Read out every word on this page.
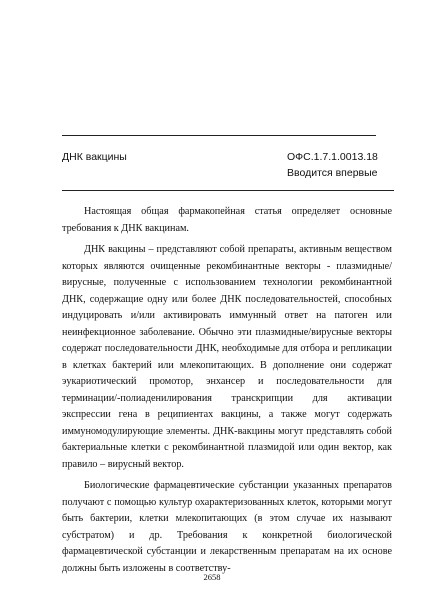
ДНК вакцины	ОФС.1.7.1.0013.18
Вводится впервые

Настоящая общая фармакопейная статья определяет основные требования к ДНК вакцинам.

ДНК вакцины – представляют собой препараты, активным веществом которых являются очищенные рекомбинантные векторы - плазмидные/вирусные, полученные с использованием технологии рекомбинантной ДНК, содержащие одну или более ДНК последовательностей, способных индуцировать и/или активировать иммунный ответ на патоген или неинфекционное заболевание. Обычно эти плазмидные/вирусные векторы содержат последовательности ДНК, необходимые для отбора и репликации в клетках бактерий или млекопитающих. В дополнение они содержат эукариотический промотор, энхансер и последовательности для терминации/-полиаденилирования транскрипции для активации экспрессии гена в реципиентах вакцины, а также могут содержать иммуномодулирующие элементы. ДНК-вакцины могут представлять собой бактериальные клетки с рекомбинантной плазмидой или один вектор, как правило – вирусный вектор.

Биологические фармацевтические субстанции указанных препаратов получают с помощью культур охарактеризованных клеток, которыми могут быть бактерии, клетки млекопитающих (в этом случае их называют субстратом) и др. Требования к конкретной биологической фармацевтической субстанции и лекарственным препаратам на их основе должны быть изложены в соответству-

2658
